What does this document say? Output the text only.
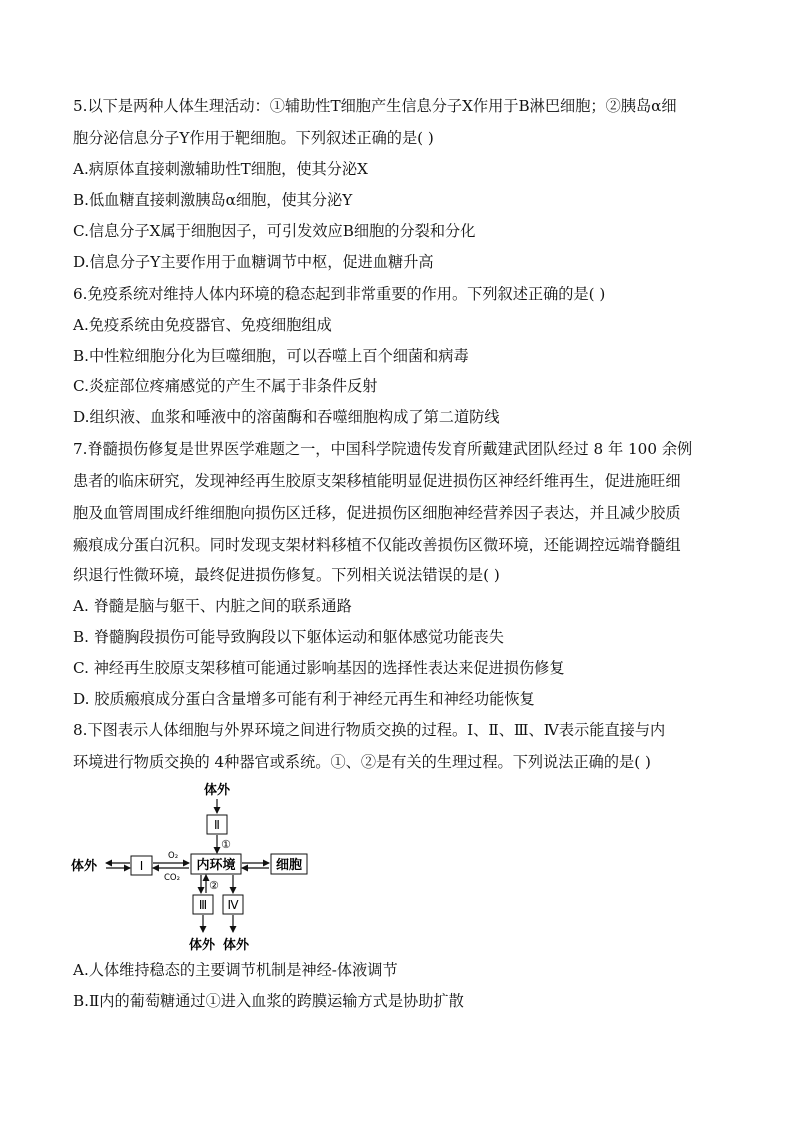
5.以下是两种人体生理活动：①辅助性T细胞产生信息分子X作用于B淋巴细胞；②胰岛α细
胞分泌信息分子Y作用于靶细胞。下列叙述正确的是( )
A.病原体直接刺激辅助性T细胞，使其分泌X
B.低血糖直接刺激胰岛α细胞，使其分泌Y
C.信息分子X属于细胞因子，可引发效应B细胞的分裂和分化
D.信息分子Y主要作用于血糖调节中枢，促进血糖升高
6.免疫系统对维持人体内环境的稳态起到非常重要的作用。下列叙述正确的是( )
A.免疫系统由免疫器官、免疫细胞组成
B.中性粒细胞分化为巨噬细胞，可以吞噬上百个细菌和病毒
C.炎症部位疼痛感觉的产生不属于非条件反射
D.组织液、血浆和唾液中的溶菌酶和吞噬细胞构成了第二道防线
7.脊髓损伤修复是世界医学难题之一，中国科学院遗传发育所戴建武团队经过 8 年 100 余例
患者的临床研究，发现神经再生胶原支架移植能明显促进损伤区神经纤维再生，促进施旺细
胞及血管周围成纤维细胞向损伤区迁移，促进损伤区细胞神经营养因子表达，并且减少胶质
瘢痕成分蛋白沉积。同时发现支架材料移植不仅能改善损伤区微环境，还能调控远端脊髓组
织退行性微环境，最终促进损伤修复。下列相关说法错误的是( )
A. 脊髓是脑与躯干、内脏之间的联系通路
B. 脊髓胸段损伤可能导致胸段以下躯体运动和躯体感觉功能丧失
C. 神经再生胶原支架移植可能通过影响基因的选择性表达来促进损伤修复
D. 胶质瘢痕成分蛋白含量增多可能有利于神经元再生和神经功能恢复
8.下图表示人体细胞与外界环境之间进行物质交换的过程。Ⅰ、Ⅱ、Ⅲ、Ⅳ表示能直接与内
环境进行物质交换的 4种器官或系统。①、②是有关的生理过程。下列说法正确的是( )
体外
Ⅱ
①
体外	Ⅰ
O₂
CO₂
内环境	细胞
②
Ⅲ Ⅳ
体外 体外
A.人体维持稳态的主要调节机制是神经-体液调节
B.Ⅱ内的葡萄糖通过①进入血浆的跨膜运输方式是协助扩散
